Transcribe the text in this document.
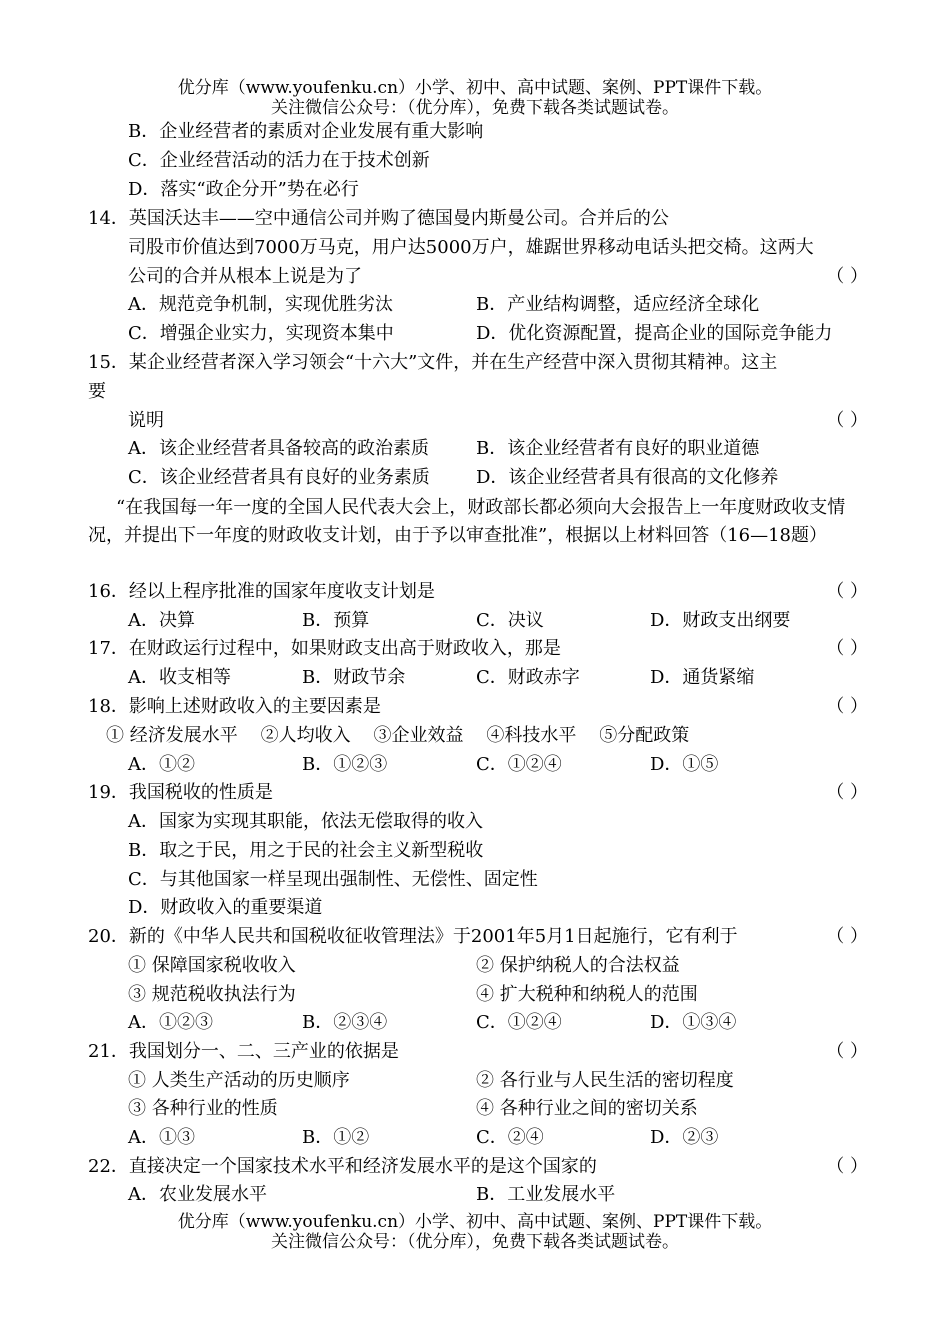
优分库（www.youfenku.cn）小学、初中、高中试题、案例、PPT课件下载。
关注微信公众号：（优分库），免费下载各类试题试卷。
B．企业经营者的素质对企业发展有重大影响
C．企业经营活动的活力在于技术创新
D．落实“政企分开”势在必行
14．英国沃达丰——空中通信公司并购了德国曼内斯曼公司。合并后的公
司股市价值达到7000万马克，用户达5000万户，雄踞世界移动电话头把交椅。这两大
公司的合并从根本上说是为了	（ ）
A．规范竞争机制，实现优胜劣汰	B．产业结构调整，适应经济全球化
C．增强企业实力，实现资本集中	D．优化资源配置，提高企业的国际竞争能力
15．某企业经营者深入学习领会“十六大”文件，并在生产经营中深入贯彻其精神。这主
要
说明	（ ）
A．该企业经营者具备较高的政治素质	B．该企业经营者有良好的职业道德
C．该企业经营者具有良好的业务素质	D．该企业经营者具有很高的文化修养
“在我国每一年一度的全国人民代表大会上，财政部长都必须向大会报告上一年度财政收支情况，并提出下一年度的财政收支计划，由于予以审查批准”，根据以上材料回答（16—18题）
16．经以上程序批准的国家年度收支计划是	（ ）
A．决算	B．预算	C．决议	D．财政支出纲要
17．在财政运行过程中，如果财政支出高于财政收入，那是	（ ）
A．收支相等	B．财政节余	C．财政赤字	D．通货紧缩
18．影响上述财政收入的主要因素是	（ ）
① 经济发展水平    ②人均收入    ③企业效益    ④科技水平    ⑤分配政策
A．①②	B．①②③	C．①②④	D．①⑤
19．我国税收的性质是	（ ）
A．国家为实现其职能，依法无偿取得的收入
B．取之于民，用之于民的社会主义新型税收
C．与其他国家一样呈现出强制性、无偿性、固定性
D．财政收入的重要渠道
20．新的《中华人民共和国税收征收管理法》于2001年5月1日起施行，它有利于	（ ）
① 保障国家税收收入	② 保护纳税人的合法权益
③ 规范税收执法行为	④ 扩大税种和纳税人的范围
A．①②③	B．②③④	C．①②④	D．①③④
21．我国划分一、二、三产业的依据是	（ ）
① 人类生产活动的历史顺序	② 各行业与人民生活的密切程度
③ 各种行业的性质	④ 各种行业之间的密切关系
A．①③	B．①②	C．②④	D．②③
22．直接决定一个国家技术水平和经济发展水平的是这个国家的	（ ）
A．农业发展水平	B．工业发展水平
优分库（www.youfenku.cn）小学、初中、高中试题、案例、PPT课件下载。
关注微信公众号：（优分库），免费下载各类试题试卷。
